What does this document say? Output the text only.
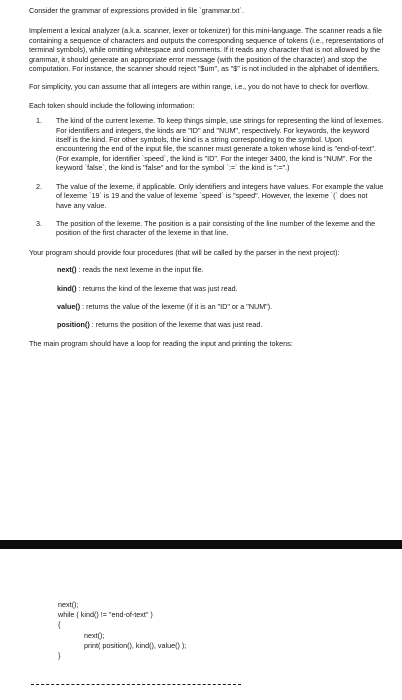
Consider the grammar of expressions provided in file `grammar.txt`.

Implement a lexical analyzer (a.k.a. scanner, lexer or tokenizer) for this mini-language. The scanner reads a file containing a sequence of characters and outputs the corresponding sequence of tokens (i.e., representations of terminal symbols), while omitting whitespace and comments. If it reads any character that is not allowed by the grammar, it should generate an appropriate error message (with the position of the character) and stop the computation. For instance, the scanner should reject "$um", as "$" is not included in the alphabet of identifiers.

For simplicity, you can assume that all integers are within range, i.e., you do not have to check for overflow.

Each token should include the following information:

1. The kind of the current lexeme. To keep things simple, use strings for representing the kind of lexemes. For identifiers and integers, the kinds are "ID" and "NUM", respectively. For keywords, the keyword itself is the kind. For other symbols, the kind is a string corresponding to the symbol. Upon encountering the end of the input file, the scanner must generate a token whose kind is "end-of-text". (For example, for identifier `speed`, the kind is "ID". For the integer 3400, the kind is "NUM". For the keyword `false`, the kind is "false" and for the symbol `:=` the kind is ":=".)
2. The value of the lexeme, if applicable. Only identifiers and integers have values. For example the value of lexeme `19` is 19 and the value of lexeme `speed` is "speed". However, the lexeme `(` does not have any value.
3. The position of the lexeme. The position is a pair consisting of the line number of the lexeme and the position of the first character of the lexeme in that line.

Your program should provide four procedures (that will be called by the parser in the next project):

next() : reads the next lexeme in the input file.
kind() : returns the kind of the lexeme that was just read.
value() : returns the value of the lexeme (if it is an "ID" or a "NUM").
position() : returns the position of the lexeme that was just read.

The main program should have a loop for reading the input and printing the tokens:

next();
while ( kind() != "end-of-text" )
{
next();
print( position(), kind(), value() );
}
